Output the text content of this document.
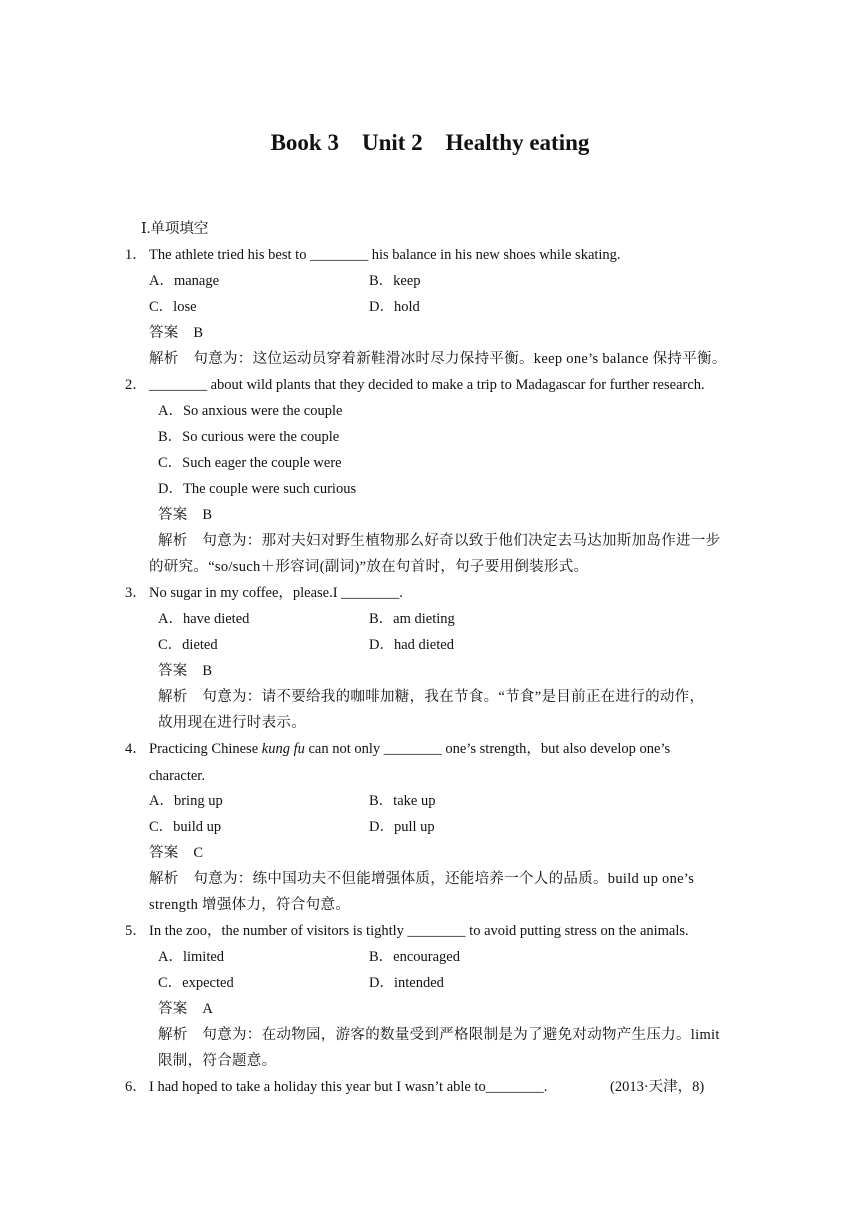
Book 3    Unit 2    Healthy eating
Ⅰ.单项填空
1． The athlete tried his best to ________ his balance in his new shoes while skating.
A．manage	B．keep
C．lose	D．hold
答案　B
解析　句意为：这位运动员穿着新鞋滑冰时尽力保持平衡。keep one’s balance 保持平衡。
2． ________ about wild plants that they decided to make a trip to Madagascar for further research.
A．So anxious were the couple
B．So curious were the couple
C．Such eager the couple were
D．The couple were such curious
答案　B
解析　句意为：那对夫妇对野生植物那么好奇以致于他们决定去马达加斯加岛作进一步
的研究。“so/such＋形容词(副词)”放在句首时，句子要用倒装形式。
3． No sugar in my coffee，please.I ________.
A．have dieted	B．am dieting
C．dieted	D．had dieted
答案　B
解析　句意为：请不要给我的咖啡加糖，我在节食。“节食”是目前正在进行的动作，
故用现在进行时表示。
4． Practicing Chinese kung fu can not only ________ one’s strength，but also develop one’s
character.
A．bring up	B．take up
C．build up	D．pull up
答案　C
解析　句意为：练中国功夫不但能增强体质，还能培养一个人的品质。build up one’s
strength 增强体力，符合句意。
5． In the zoo，the number of visitors is tightly ________ to avoid putting stress on the animals.
A．limited	B．encouraged
C．expected	D．intended
答案　A
解析　句意为：在动物园，游客的数量受到严格限制是为了避免对动物产生压力。limit
限制，符合题意。
6． I had hoped to take a holiday this year but I wasn’t able to________.	(2013·天津，8)
